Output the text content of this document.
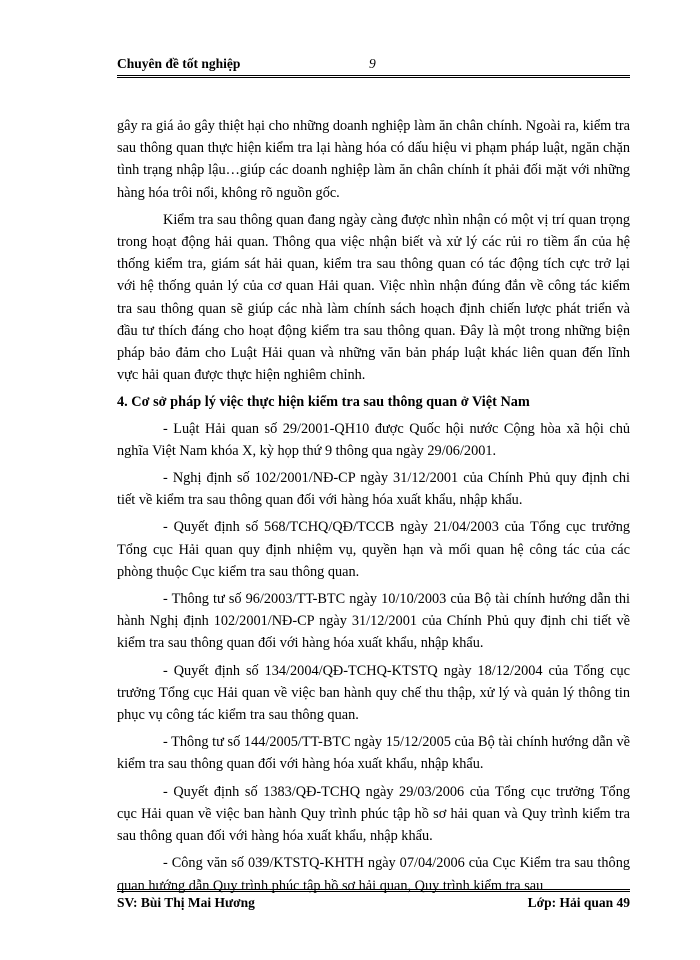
Chuyên đề tốt nghiệp	9

gây ra giá ảo gây thiệt hại cho những doanh nghiệp làm ăn chân chính. Ngoài ra, kiểm tra sau thông quan thực hiện kiểm tra lại hàng hóa có dấu hiệu vi phạm pháp luật, ngăn chặn tình trạng nhập lậu…giúp các doanh nghiệp làm ăn chân chính ít phải đối mặt với những hàng hóa trôi nổi, không rõ nguồn gốc.

Kiểm tra sau thông quan đang ngày càng được nhìn nhận có một vị trí quan trọng trong hoạt động hải quan. Thông qua việc nhận biết và xử lý các rủi ro tiềm ẩn của hệ thống kiểm tra, giám sát hải quan, kiểm tra sau thông quan có tác động tích cực trở lại với hệ thống quản lý của cơ quan Hải quan. Việc nhìn nhận đúng đắn về công tác kiểm tra sau thông quan sẽ giúp các nhà làm chính sách hoạch định chiến lược phát triển và đầu tư thích đáng cho hoạt động kiểm tra sau thông quan. Đây là một trong những biện pháp bảo đảm cho Luật Hải quan và những văn bản pháp luật khác liên quan đến lĩnh vực hải quan được thực hiện nghiêm chỉnh.

4. Cơ sở pháp lý việc thực hiện kiểm tra sau thông quan ở Việt Nam

- Luật Hải quan số 29/2001-QH10 được Quốc hội nước Cộng hòa xã hội chủ nghĩa Việt Nam khóa X, kỳ họp thứ 9 thông qua ngày 29/06/2001.

- Nghị định số 102/2001/NĐ-CP ngày 31/12/2001 của Chính Phủ quy định chi tiết về kiểm tra sau thông quan đối với hàng hóa xuất khẩu, nhập khẩu.

- Quyết định số 568/TCHQ/QĐ/TCCB ngày 21/04/2003 của Tổng cục trưởng Tổng cục Hải quan quy định nhiệm vụ, quyền hạn và mối quan hệ công tác của các phòng thuộc Cục kiểm tra sau thông quan.

- Thông tư số 96/2003/TT-BTC ngày 10/10/2003 của Bộ tài chính hướng dẫn thi hành Nghị định 102/2001/NĐ-CP ngày 31/12/2001 của Chính Phủ quy định chi tiết về kiểm tra sau thông quan đối với hàng hóa xuất khẩu, nhập khẩu.

- Quyết định số 134/2004/QĐ-TCHQ-KTSTQ ngày 18/12/2004 của Tổng cục trưởng Tổng cục Hải quan về việc ban hành quy chế thu thập, xử lý và quản lý thông tin phục vụ công tác kiểm tra sau thông quan.

- Thông tư số 144/2005/TT-BTC ngày 15/12/2005 của Bộ tài chính hướng dẫn về kiểm tra sau thông quan đối với hàng hóa xuất khẩu, nhập khẩu.

- Quyết định số 1383/QĐ-TCHQ ngày 29/03/2006 của Tổng cục trưởng Tổng cục Hải quan về việc ban hành Quy trình phúc tập hồ sơ hải quan và Quy trình kiểm tra sau thông quan đối với hàng hóa xuất khẩu, nhập khẩu.

- Công văn số 039/KTSTQ-KHTH ngày 07/04/2006 của Cục Kiểm tra sau thông quan hướng dẫn Quy trình phúc tập hồ sơ hải quan, Quy trình kiểm tra sau

SV: Bùi Thị Mai Hương	Lớp: Hải quan 49
